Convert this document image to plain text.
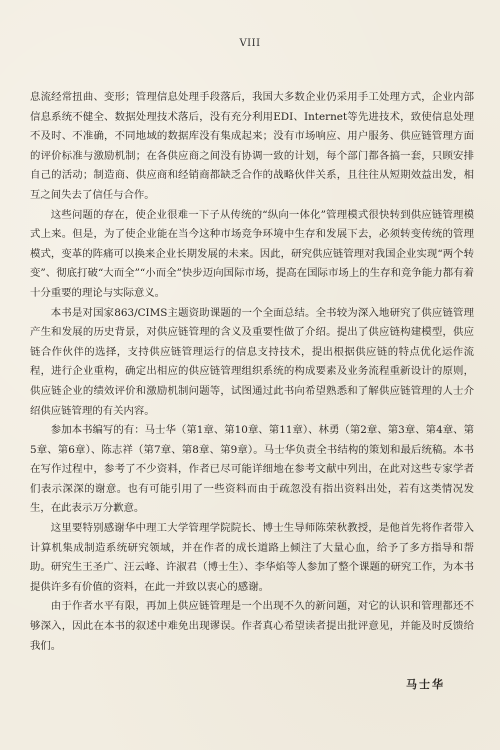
VIII

息流经常扭曲、变形；管理信息处理手段落后，我国大多数企业仍采用手工处理方式，企业内部信息系统不健全、数据处理技术落后，没有充分利用EDI、Internet等先进技术，致使信息处理不及时、不准确，不同地域的数据库没有集成起来；没有市场响应、用户服务、供应链管理方面的评价标准与激励机制；在各供应商之间没有协调一致的计划，每个部门都各搞一套，只顾安排自己的活动；制造商、供应商和经销商都缺乏合作的战略伙伴关系，且往往从短期效益出发，相互之间失去了信任与合作。

这些问题的存在，使企业很难一下子从传统的“纵向一体化”管理模式很快转到供应链管理模式上来。但是，为了使企业能在当今这种市场竞争环境中生存和发展下去，必须转变传统的管理模式，变革的阵痛可以换来企业长期发展的未来。因此，研究供应链管理对我国企业实现“两个转变”、彻底打破“大而全”“小而全”快步迈向国际市场，提高在国际市场上的生存和竞争能力都有着十分重要的理论与实际意义。

本书是对国家863/CIMS主题资助课题的一个全面总结。全书较为深入地研究了供应链管理产生和发展的历史背景，对供应链管理的含义及重要性做了介绍。提出了供应链构建模型，供应链合作伙伴的选择，支持供应链管理运行的信息支持技术，提出根据供应链的特点优化运作流程，进行企业重构，确定出相应的供应链管理组织系统的构成要素及业务流程重新设计的原则，供应链企业的绩效评价和激励机制问题等，试图通过此书向希望熟悉和了解供应链管理的人士介绍供应链管理的有关内容。

参加本书编写的有：马士华（第1章、第10章、第11章）、林勇（第2章、第3章、第4章、第5章、第6章）、陈志祥（第7章、第8章、第9章）。马士华负责全书结构的策划和最后统稿。本书在写作过程中，参考了不少资料，作者已尽可能详细地在参考文献中列出，在此对这些专家学者们表示深深的谢意。也有可能引用了一些资料而由于疏忽没有指出资料出处，若有这类情况发生，在此表示万分歉意。

这里要特别感谢华中理工大学管理学院院长、博士生导师陈荣秋教授，是他首先将作者带入计算机集成制造系统研究领域，并在作者的成长道路上倾注了大量心血，给予了多方指导和帮助。研究生王圣广、汪云峰、许淑君（博士生）、李华焰等人参加了整个课题的研究工作，为本书提供许多有价值的资料，在此一并致以衷心的感谢。

由于作者水平有限，再加上供应链管理是一个出现不久的新问题，对它的认识和管理都还不够深入，因此在本书的叙述中难免出现谬误。作者真心希望读者提出批评意见，并能及时反馈给我们。

马士华
